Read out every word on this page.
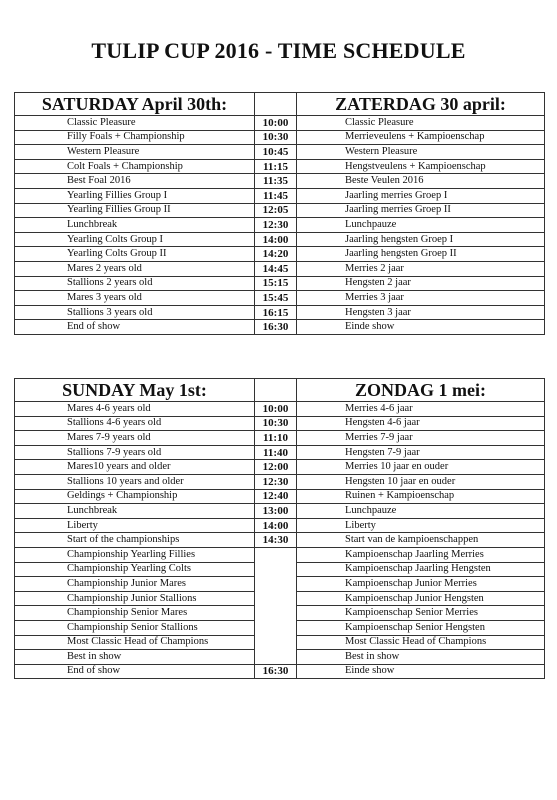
TULIP CUP 2016 - TIME SCHEDULE
SATURDAY April 30th:		ZATERDAG 30 april:
Classic Pleasure	10:00	Classic Pleasure
Filly Foals + Championship	10:30	Merrieveulens + Kampioenschap
Western Pleasure	10:45	Western Pleasure
Colt Foals + Championship	11:15	Hengstveulens + Kampioenschap
Best Foal 2016	11:35	Beste Veulen 2016
Yearling Fillies Group I	11:45	Jaarling merries Groep I
Yearling Fillies Group II	12:05	Jaarling merries Groep II
Lunchbreak	12:30	Lunchpauze
Yearling Colts Group I	14:00	Jaarling hengsten Groep I
Yearling Colts Group II	14:20	Jaarling hengsten Groep II
Mares 2 years old	14:45	Merries 2 jaar
Stallions 2 years old	15:15	Hengsten 2 jaar
Mares 3 years old	15:45	Merries 3 jaar
Stallions 3 years old	16:15	Hengsten 3 jaar
End of show	16:30	Einde show
SUNDAY May 1st:		ZONDAG 1 mei:
Mares 4-6 years old	10:00	Merries 4-6 jaar
Stallions 4-6 years old	10:30	Hengsten 4-6 jaar
Mares 7-9 years old	11:10	Merries 7-9 jaar
Stallions 7-9 years old	11:40	Hengsten 7-9 jaar
Mares10 years and older	12:00	Merries 10 jaar en ouder
Stallions 10 years and older	12:30	Hengsten 10 jaar en ouder
Geldings + Championship	12:40	Ruinen + Kampioenschap
Lunchbreak	13:00	Lunchpauze
Liberty	14:00	Liberty
Start of the championships	14:30	Start van de kampioenschappen
Championship Yearling Fillies		Kampioenschap Jaarling Merries
Championship Yearling Colts		Kampioenschap Jaarling Hengsten
Championship Junior Mares		Kampioenschap Junior Merries
Championship Junior Stallions		Kampioenschap Junior Hengsten
Championship Senior Mares		Kampioenschap Senior Merries
Championship Senior Stallions		Kampioenschap Senior Hengsten
Most Classic Head of Champions		Most Classic Head of Champions
Best in show		Best in show
End of show	16:30	Einde show
